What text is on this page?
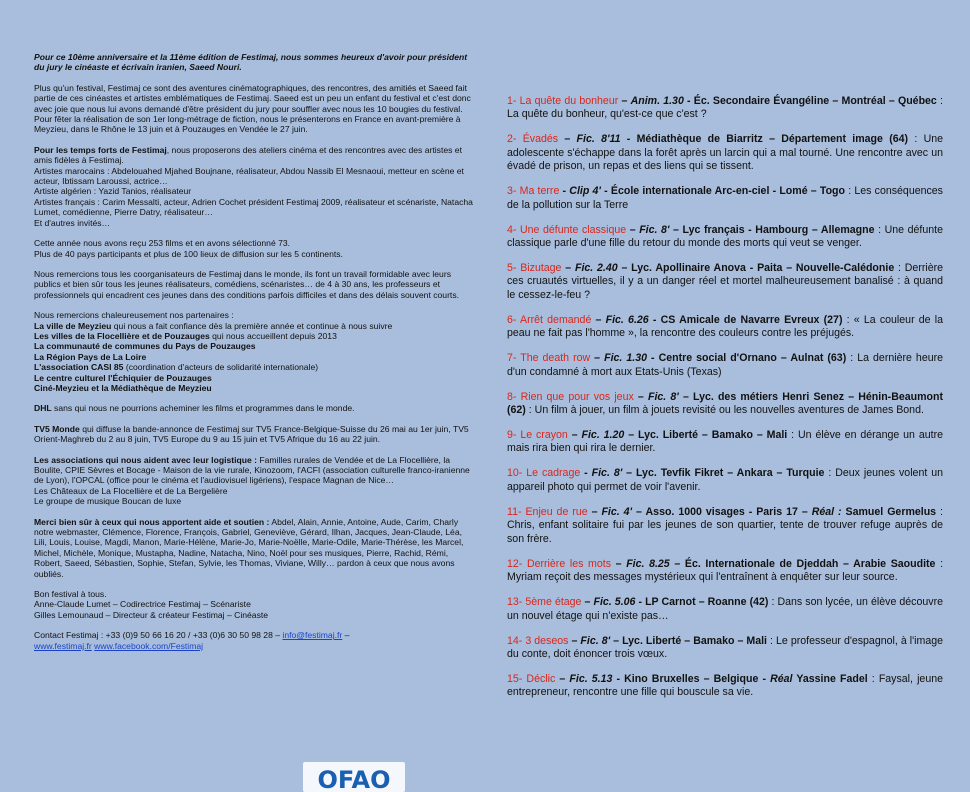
Pour ce 10ème anniversaire et la 11ème édition de Festimaj, nous sommes heureux d'avoir pour président du jury le cinéaste et écrivain iranien, Saeed Nouri.

Plus qu'un festival, Festimaj ce sont des aventures cinématographiques, des rencontres, des amitiés et Saeed fait partie de ces cinéastes et artistes emblématiques de Festimaj. Saeed est un peu un enfant du festival et c'est donc avec joie que nous lui avons demandé d'être président du jury pour souffler avec nous les 10 bougies du festival.
Pour fêter la réalisation de son 1er long-métrage de fiction, nous le présenterons en France en avant-première à Meyzieu, dans le Rhône le 13 juin et à Pouzauges en Vendée le 27 juin.

Pour les temps forts de Festimaj, nous proposerons des ateliers cinéma et des rencontres avec des artistes et amis fidèles à Festimaj.
Artistes marocains : Abdelouahed Mjahed Boujnane, réalisateur, Abdou Nassib El Mesnaoui, metteur en scène et acteur, Ibtissam Laroussi, actrice…
Artiste algérien : Yazid Tanios, réalisateur
Artistes français : Carim Messalti, acteur, Adrien Cochet président Festimaj 2009, réalisateur et scénariste, Natacha Lumet, comédienne, Pierre Datry, réalisateur…
Et d'autres invités…

Cette année nous avons reçu 253 films et en avons sélectionné 73.
Plus de 40 pays participants et plus de 100 lieux de diffusion sur les 5 continents.

Nous remercions tous les coorganisateurs de Festimaj dans le monde, ils font un travail formidable avec leurs publics et bien sûr tous les jeunes réalisateurs, comédiens, scénaristes… de 4 à 30 ans, les professeurs et professionnels qui encadrent ces jeunes dans des conditions parfois difficiles et dans des délais souvent courts.

Nous remercions chaleureusement nos partenaires :
La ville de Meyzieu qui nous a fait confiance dès la première année et continue à nous suivre
Les villes de la Flocellière et de Pouzauges qui nous accueillent depuis 2013
La communauté de communes du Pays de Pouzauges
La Région Pays de La Loire
L'association CASI 85 (coordination d'acteurs de solidarité internationale)
Le centre culturel l'Échiquier de Pouzauges
Ciné-Meyzieu et la Médiathèque de Meyzieu

DHL sans qui nous ne pourrions acheminer les films et programmes dans le monde.

TV5 Monde qui diffuse la bande-annonce de Festimaj sur TV5 France-Belgique-Suisse du 26 mai au 1er juin, TV5 Orient-Maghreb du 2 au 8 juin, TV5 Europe du 9 au 15 juin et TV5 Afrique du 16 au 22 juin.

Les associations qui nous aident avec leur logistique : Familles rurales de Vendée et de La Flocellière, la Boulite, CPIE Sèvres et Bocage - Maison de la vie rurale, Kinozoom, l'ACFI (association culturelle franco-iranienne de Lyon), l'OPCAL (office pour le cinéma et l'audiovisuel ligériens), l'espace Magnan de Nice…
Les Châteaux de La Flocellière et de La Bergelière
Le groupe de musique Boucan de luxe

Merci bien sûr à ceux qui nous apportent aide et soutien : Abdel, Alain, Annie, Antoine, Aude, Carim, Charly notre webmaster, Clémence, Florence, François, Gabriel, Geneviève, Gérard, Ilhan, Jacques, Jean-Claude, Léa, Lili, Louis, Louise, Magdi, Manon, Marie-Hélène, Marie-Jo, Marie-Noëlle, Marie-Odile, Marie-Thérèse, les Marcel, Michel, Michèle, Monique, Mustapha, Nadine, Natacha, Nino, Noël pour ses musiques, Pierre, Rachid, Rémi, Robert, Saeed, Sébastien, Sophie, Stefan, Sylvie, les Thomas, Viviane, Willy… pardon à ceux que nous avons oubliés.

Bon festival à tous.
Anne-Claude Lumet – Codirectrice Festimaj – Scénariste
Gilles Lemounaud – Directeur & créateur Festimaj – Cinéaste

Contact Festimaj : +33 (0)9 50 66 16 20 / +33 (0)6 30 50 98 28 – info@festimaj.fr –
www.festimaj.fr www.facebook.com/Festimaj

1- La quête du bonheur – Anim. 1.30 - Éc. Secondaire Évangéline – Montréal – Québec : La quête du bonheur, qu'est-ce que c'est ?

2- Évadés – Fic. 8'11 - Médiathèque de Biarritz – Département image (64) : Une adolescente s'échappe dans la forêt après un larcin qui a mal tourné. Une rencontre avec un évadé de prison, un repas et des liens qui se tissent.

3- Ma terre - Clip 4' - École internationale Arc-en-ciel - Lomé – Togo : Les conséquences de la pollution sur la Terre

4- Une défunte classique – Fic. 8' – Lyc français - Hambourg – Allemagne : Une défunte classique parle d'une fille du retour du monde des morts qui veut se venger.

5- Bizutage – Fic. 2.40 – Lyc. Apollinaire Anova - Paita – Nouvelle-Calédonie : Derrière ces cruautés virtuelles, il y a un danger réel et mortel malheureusement banalisé : à quand le cessez-le-feu ?

6- Arrêt demandé – Fic. 6.26 - CS Amicale de Navarre Evreux (27) : « La couleur de la peau ne fait pas l'homme », la rencontre des couleurs contre les préjugés.

7- The death row – Fic. 1.30 - Centre social d'Ornano – Aulnat (63) : La dernière heure d'un condamné à mort aux Etats-Unis (Texas)

8- Rien que pour vos jeux – Fic. 8' – Lyc. des métiers Henri Senez – Hénin-Beaumont (62) : Un film à jouer, un film à jouets revisité ou les nouvelles aventures de James Bond.

9- Le crayon – Fic. 1.20 – Lyc. Liberté – Bamako – Mali : Un élève en dérange un autre mais rira bien qui rira le dernier.

10- Le cadrage - Fic. 8' – Lyc. Tevfik Fikret – Ankara – Turquie : Deux jeunes volent un appareil photo qui permet de voir l'avenir.

11- Enjeu de rue – Fic. 4' – Asso. 1000 visages - Paris 17 – Réal : Samuel Germelus : Chris, enfant solitaire fui par les jeunes de son quartier, tente de trouver refuge auprès de son frère.

12- Derrière les mots – Fic. 8.25 – Éc. Internationale de Djeddah – Arabie Saoudite : Myriam reçoit des messages mystérieux qui l'entraînent à enquêter sur leur source.

13- 5ème étage – Fic. 5.06 - LP Carnot – Roanne (42) : Dans son lycée, un élève découvre un nouvel étage qui n'existe pas…

14- 3 deseos – Fic. 8' – Lyc. Liberté – Bamako – Mali : Le professeur d'espagnol, à l'image du conte, doit énoncer trois vœux.

15- Déclic – Fic. 5.13 - Kino Bruxelles – Belgique - Réal Yassine Fadel : Faysal, jeune entrepreneur, rencontre une fille qui bouscule sa vie.

OFAO
